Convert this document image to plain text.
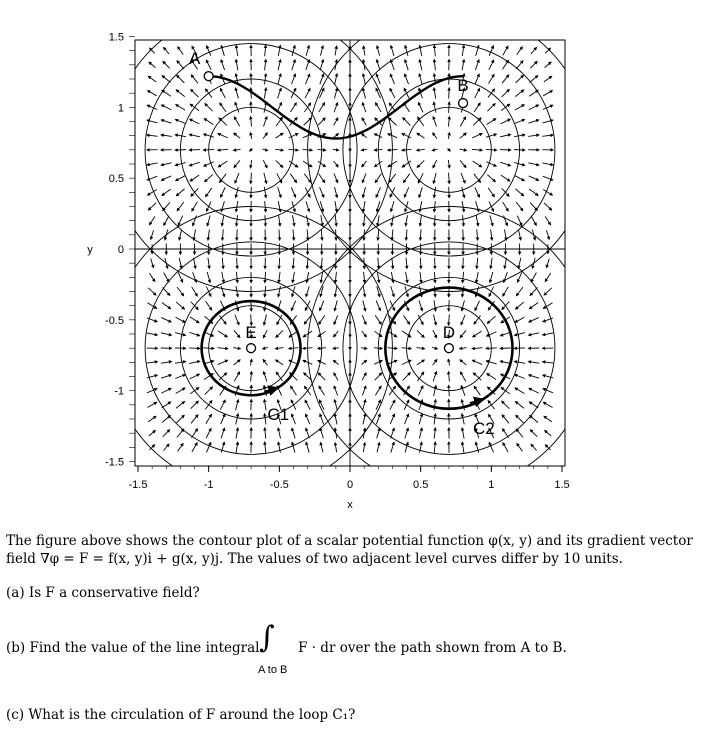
-1.5	-1	-0.5	0	0.5	1	1.5
1.5
1
0.5
0
-0.5
-1
-1.5
x
y
C1
C2
A
B
E	D
The figure above shows the contour plot of a scalar potential function φ(x, y) and its gradient vector
field ∇φ = F = f(x, y)i + g(x, y)j. The values of two adjacent level curves differ by 10 units.
(a) Is F a conservative field?
(b) Find the value of the line integral	F · dr over the path shown from A to B.
∫
A to B
(c) What is the circulation of F around the loop C₁?
